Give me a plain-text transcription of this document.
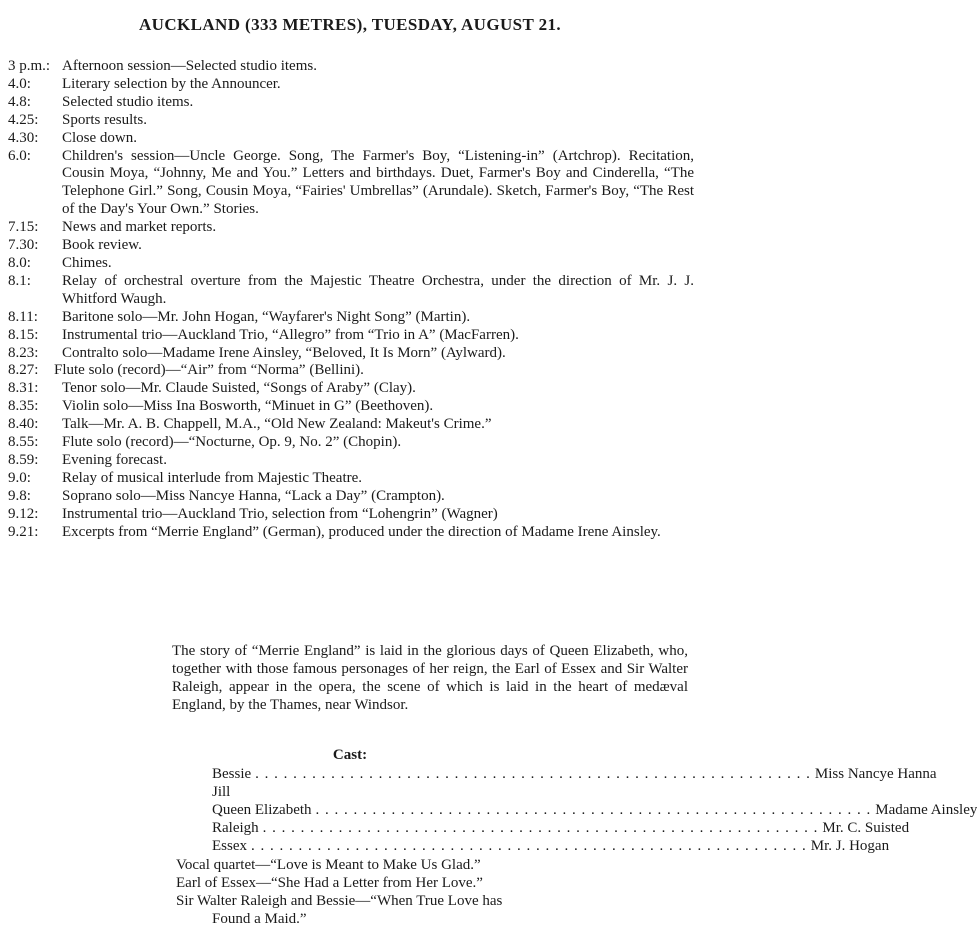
AUCKLAND (333 METRES), TUESDAY, AUGUST 21.
3 p.m.: Afternoon session—Selected studio items.
4.0:	Literary selection by the Announcer.
4.8:	Selected studio items.
4.25:	Sports results.
4.30:	Close down.
6.0:	Children's session—Uncle George. Song, The Farmer's Boy, “Listening-in” (Artchrop). Recitation, Cousin Moya, “Johnny, Me and You.” Letters and birthdays. Duet, Farmer's Boy and Cinderella, “The Telephone Girl.” Song, Cousin Moya, “Fairies' Umbrellas” (Arundale). Sketch, Farmer's Boy, “The Rest of the Day's Your Own.” Stories.
7.15:	News and market reports.
7.30:	Book review.
8.0:	Chimes.
8.1:	Relay of orchestral overture from the Majestic Theatre Orchestra, under the direction of Mr. J. J. Whitford Waugh.
8.11:	Baritone solo—Mr. John Hogan, “Wayfarer's Night Song” (Martin).
8.15:	Instrumental trio—Auckland Trio, “Allegro” from “Trio in A” (MacFarren).
8.23:	Contralto solo—Madame Irene Ainsley, “Beloved, It Is Morn” (Aylward).
8.27:	Flute solo (record)—“Air” from “Norma” (Bellini).
8.31:	Tenor solo—Mr. Claude Suisted, “Songs of Araby” (Clay).
8.35:	Violin solo—Miss Ina Bosworth, “Minuet in G” (Beethoven).
8.40:	Talk—Mr. A. B. Chappell, M.A., “Old New Zealand: Makeut's Crime.”
8.55:	Flute solo (record)—“Nocturne, Op. 9, No. 2” (Chopin).
8.59:	Evening forecast.
9.0:	Relay of musical interlude from Majestic Theatre.
9.8:	Soprano solo—Miss Nancye Hanna, “Lack a Day” (Crampton).
9.12:	Instrumental trio—Auckland Trio, selection from “Lohengrin” (Wagner)
9.21:	Excerpts from “Merrie England” (German), produced under the direction of Madame Irene Ainsley.
The story of “Merrie England” is laid in the glorious days of Queen Elizabeth, who, together with those famous personages of her reign, the Earl of Essex and Sir Walter Raleigh, appear in the opera, the scene of which is laid in the heart of medæval England, by the Thames, near Windsor.
Cast:
Bessie . . . . . . . . . . . . . . . . . . . . . . . . . . . . . . . . . . . . . . . . . . . . . . . . . . . . . . . . . . . Miss Nancye Hanna
Jill
Queen Elizabeth . . . . . . . . . . . . . . . . . . . . . . . . . . . . . . . . . . . . . . . . . . . . . . . . . . . . . . . . . . . Madame Ainsley
Raleigh . . . . . . . . . . . . . . . . . . . . . . . . . . . . . . . . . . . . . . . . . . . . . . . . . . . . . . . . . . . Mr. C. Suisted
Essex . . . . . . . . . . . . . . . . . . . . . . . . . . . . . . . . . . . . . . . . . . . . . . . . . . . . . . . . . . . Mr. J. Hogan
Vocal quartet—“Love is Meant to Make Us Glad.”
Earl of Essex—“She Had a Letter from Her Love.”
Sir Walter Raleigh and Bessie—“When True Love has
Found a Maid.”
